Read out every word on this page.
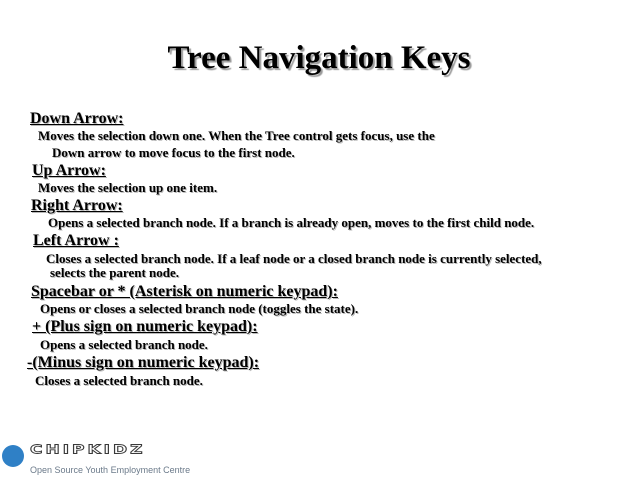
Tree Navigation Keys
Down Arrow:
Moves the selection down one. When the Tree control gets focus, use the
Down arrow to move focus to the first node.
Up Arrow:
Moves the selection up one item.
Right Arrow:
Opens a selected branch node. If a branch is already open, moves to the first child node.
Left Arrow :
Closes a selected branch node. If a leaf node or a closed branch node is currently selected,
selects the parent node.
Spacebar or * (Asterisk on numeric keypad):
Opens or closes a selected branch node (toggles the state).
+ (Plus sign on numeric keypad):
Opens a selected branch node.
-(Minus sign on numeric keypad):
Closes a selected branch node.
CHIPKIDZ
Open Source Youth Employment Centre
